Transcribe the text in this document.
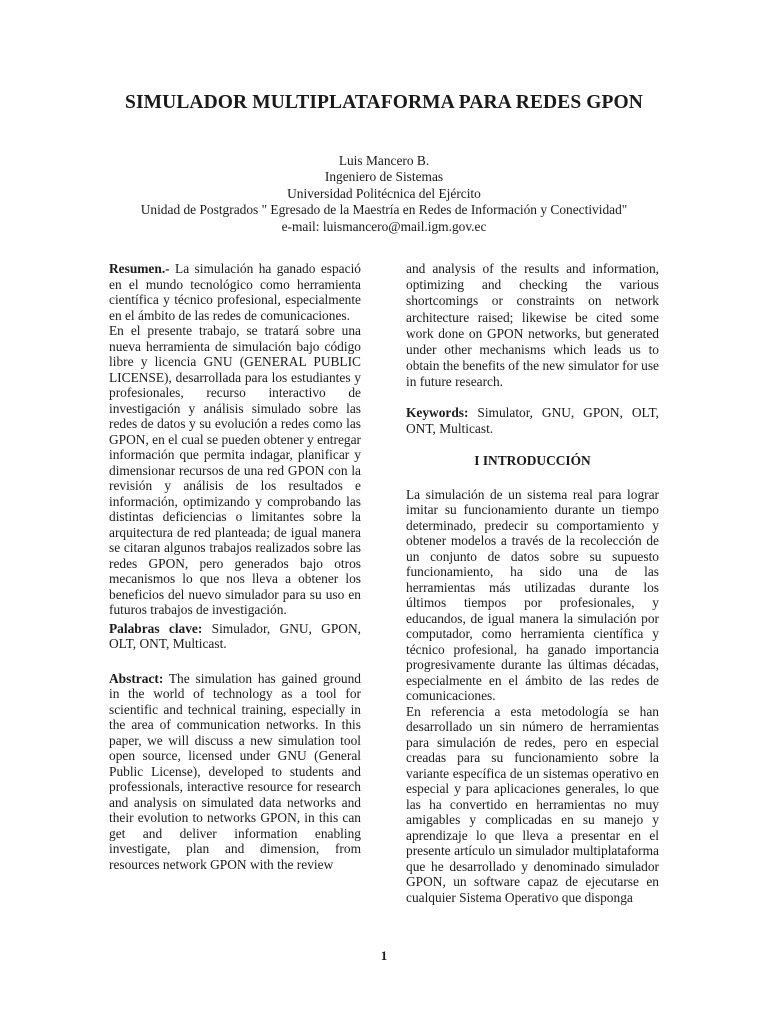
SIMULADOR MULTIPLATAFORMA PARA REDES GPON
Luis Mancero B.
Ingeniero de Sistemas
Universidad Politécnica del Ejército
Unidad de Postgrados " Egresado de la Maestría en Redes de Información y Conectividad"
e-mail: luismancero@mail.igm.gov.ec

Resumen.- La simulación ha ganado espació en el mundo tecnológico como herramienta científica y técnico profesional, especialmente en el ámbito de las redes de comunicaciones.

En el presente trabajo, se tratará sobre una nueva herramienta de simulación bajo código libre y licencia GNU (GENERAL PUBLIC LICENSE), desarrollada para los estudiantes y profesionales, recurso interactivo de investigación y análisis simulado sobre las redes de datos y su evolución a redes como las GPON, en el cual se pueden obtener y entregar información que permita indagar, planificar y dimensionar recursos de una red GPON con la revisión y análisis de los resultados e información, optimizando y comprobando las distintas deficiencias o limitantes sobre la arquitectura de red planteada; de igual manera se citaran algunos trabajos realizados sobre las redes GPON, pero generados bajo otros mecanismos lo que nos lleva a obtener los beneficios del nuevo simulador para su uso en futuros trabajos de investigación.

Palabras clave: Simulador, GNU, GPON, OLT, ONT, Multicast.

Abstract: The simulation has gained ground in the world of technology as a tool for scientific and technical training, especially in the area of communication networks. In this paper, we will discuss a new simulation tool open source, licensed under GNU (General Public License), developed to students and professionals, interactive resource for research and analysis on simulated data networks and their evolution to networks GPON, in this can get and deliver information enabling investigate, plan and dimension, from resources network GPON with the review

and analysis of the results and information, optimizing and checking the various shortcomings or constraints on network architecture raised; likewise be cited some work done on GPON networks, but generated under other mechanisms which leads us to obtain the benefits of the new simulator for use in future research.

Keywords: Simulator, GNU, GPON, OLT, ONT, Multicast.

I INTRODUCCIÓN

La simulación de un sistema real para lograr imitar su funcionamiento durante un tiempo determinado, predecir su comportamiento y obtener modelos a través de la recolección de un conjunto de datos sobre su supuesto funcionamiento, ha sido una de las herramientas más utilizadas durante los últimos tiempos por profesionales, y educandos, de igual manera la simulación por computador, como herramienta científica y técnico profesional, ha ganado importancia progresivamente durante las últimas décadas, especialmente en el ámbito de las redes de comunicaciones.

En referencia a esta metodología se han desarrollado un sin número de herramientas para simulación de redes, pero en especial creadas para su funcionamiento sobre la variante específica de un sistemas operativo en especial y para aplicaciones generales, lo que las ha convertido en herramientas no muy amigables y complicadas en su manejo y aprendizaje lo que lleva a presentar en el presente artículo un simulador multiplataforma que he desarrollado y denominado simulador GPON, un software capaz de ejecutarse en cualquier Sistema Operativo que disponga

1
